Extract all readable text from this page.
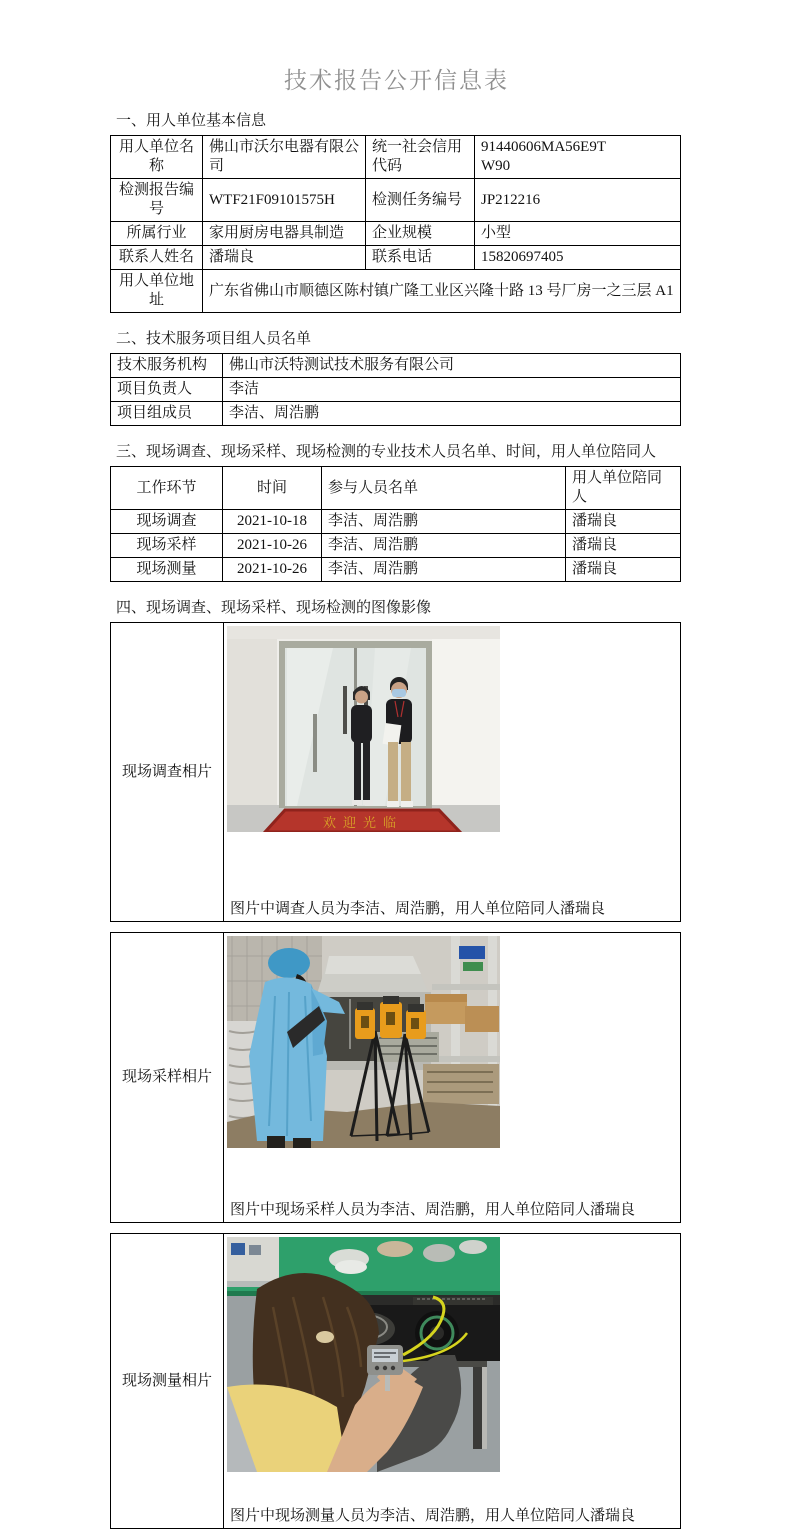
技术报告公开信息表
一、用人单位基本信息
用人单位名称	佛山市沃尔电器有限公司	统一社会信用代码	91440606MA56E9TW90
检测报告编号	WTF21F09101575H	检测任务编号	JP212216
所属行业	家用厨房电器具制造	企业规模	小型
联系人姓名	潘瑞良	联系电话	15820697405
用人单位地址	广东省佛山市顺德区陈村镇广隆工业区兴隆十路 13 号厂房一之三层 A1		
二、技术服务项目组人员名单
技术服务机构	佛山市沃特测试技术服务有限公司
项目负责人	李洁
项目组成员	李洁、周浩鹏
三、现场调查、现场采样、现场检测的专业技术人员名单、时间，用人单位陪同人
工作环节	时间	参与人员名单	用人单位陪同人
现场调查	2021-10-18	李洁、周浩鹏	潘瑞良
现场采样	2021-10-26	李洁、周浩鹏	潘瑞良
现场测量	2021-10-26	李洁、周浩鹏	潘瑞良
四、现场调查、现场采样、现场检测的图像影像
现场调查相片	
欢迎光临
图片中调查人员为李洁、周浩鹏，用人单位陪同人潘瑞良
现场采样相片	
图片中现场采样人员为李洁、周浩鹏，用人单位陪同人潘瑞良
现场测量相片	
图片中现场测量人员为李洁、周浩鹏，用人单位陪同人潘瑞良
